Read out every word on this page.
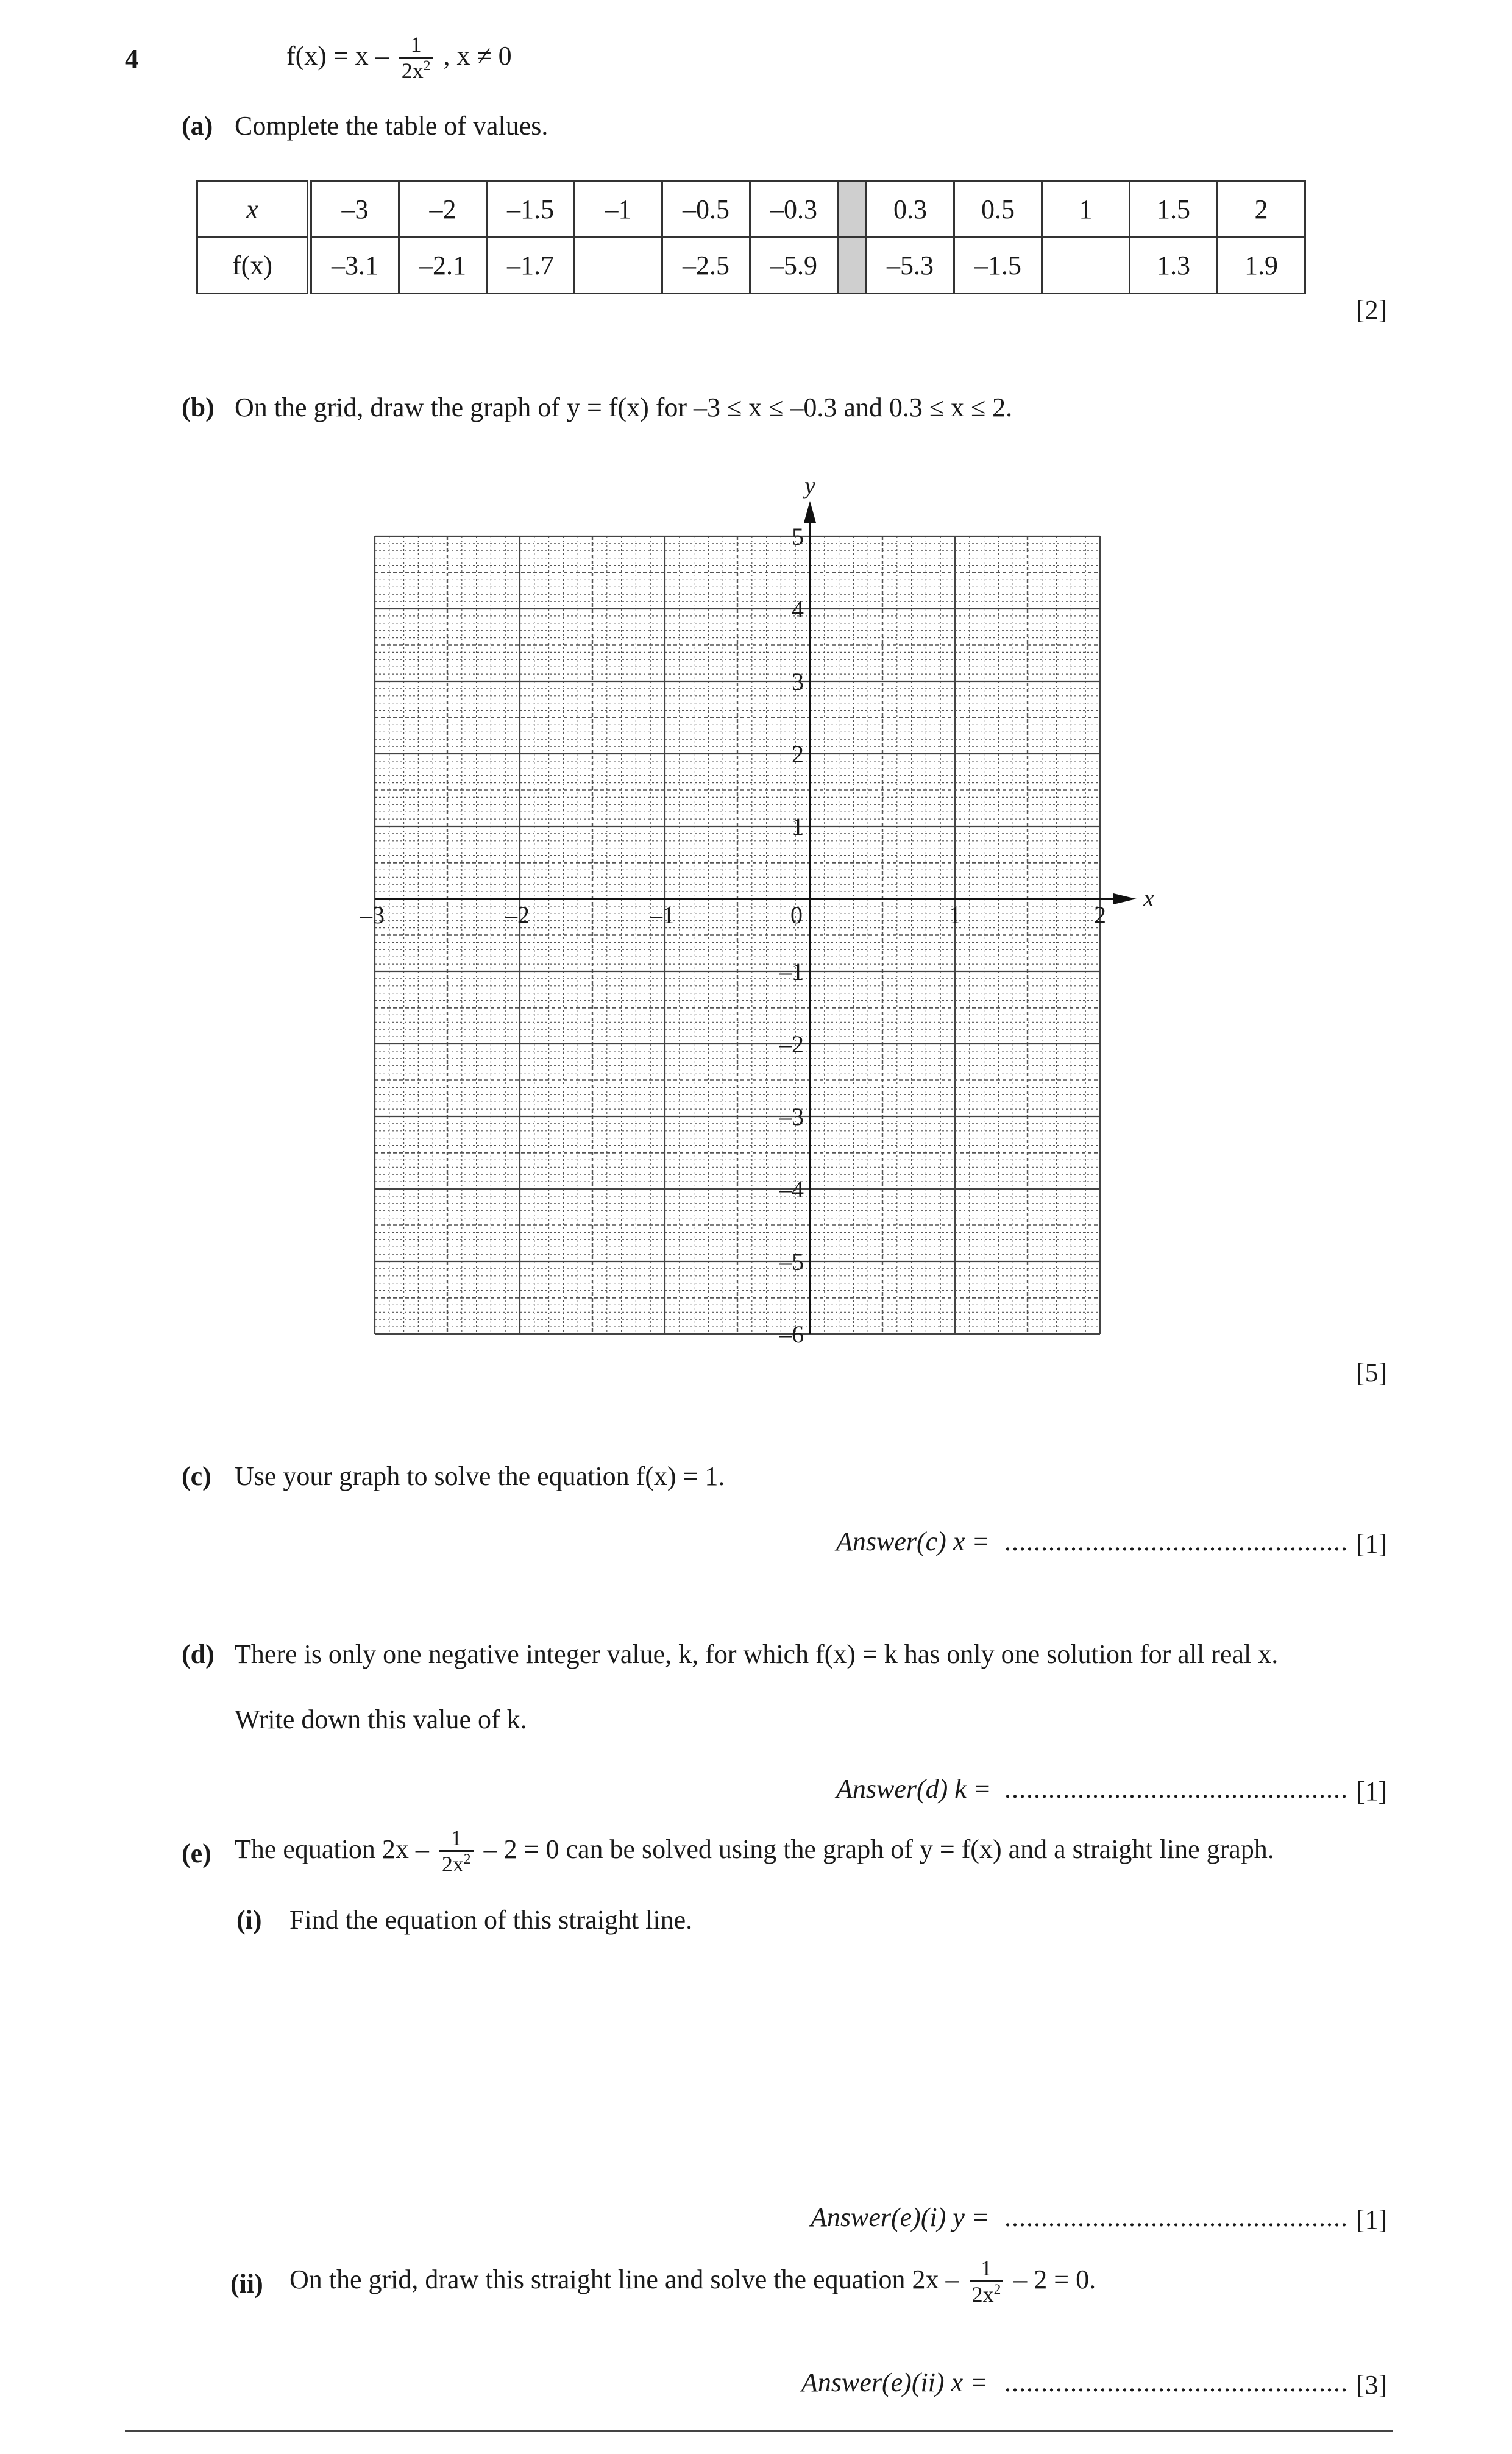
4	$f(x) = x - \frac{1}{2x^2}$ , x ≠ 0
(a) Complete the table of values.
x	–3	–2	–1.5	–1	–0.5	–0.3		0.3	0.5	1	1.5	2
f(x)	–3.1	–2.1	–1.7		–2.5	–5.9		–5.3	–1.5		1.3	1.9
[2]
(b) On the grid, draw the graph of y = f(x) for –3 ≤ x ≤ –0.3 and 0.3 ≤ x ≤ 2.
y
x
–3	–2	–1	0	1	2
5
4
3
2
1
–1
–2
–3
–4
–5
–6
[5]
(c) Use your graph to solve the equation f(x) = 1.
Answer(c) x = ............................................... [1]
(d) There is only one negative integer value, k, for which f(x) = k has only one solution for all real x.
Write down this value of k.
Answer(d) k = ............................................... [1]
(e) The equation $2x - \frac{1}{2x^2} - 2 = 0$ can be solved using the graph of y = f(x) and a straight line graph.
(i) Find the equation of this straight line.
Answer(e)(i) y = ............................................... [1]
(ii) On the grid, draw this straight line and solve the equation $2x - \frac{1}{2x^2} - 2 = 0$.
Answer(e)(ii) x = ............................................... [3]
